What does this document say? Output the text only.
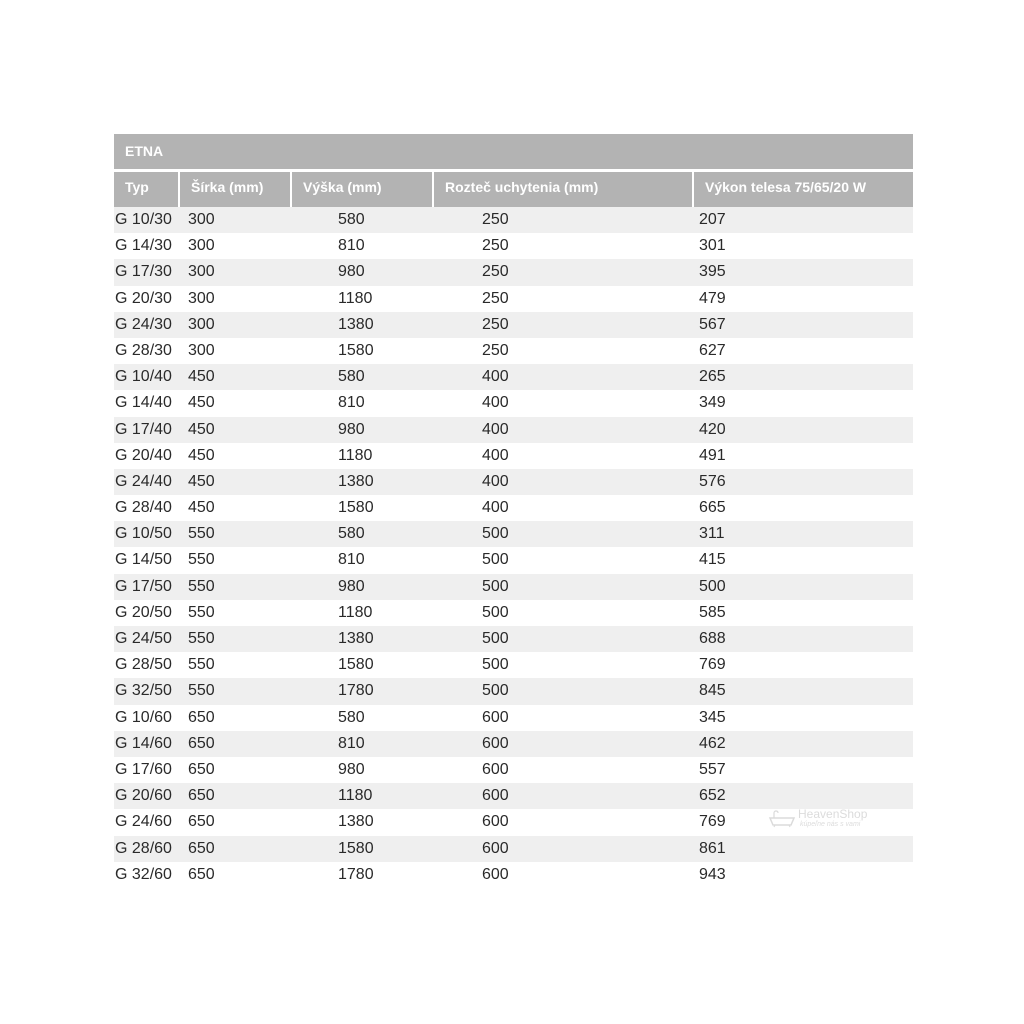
ETNA
Typ	Šírka (mm)	Výška (mm)	Rozteč uchytenia (mm)	Výkon telesa 75/65/20 W
G 10/30 300	580	250	207
G 14/30 300	810	250	301
G 17/30 300	980	250	395
G 20/30 300	1180	250	479
G 24/30 300	1380	250	567
G 28/30 300	1580	250	627
G 10/40 450	580	400	265
G 14/40 450	810	400	349
G 17/40 450	980	400	420
G 20/40 450	1180	400	491
G 24/40 450	1380	400	576
G 28/40 450	1580	400	665
G 10/50 550	580	500	311
G 14/50 550	810	500	415
G 17/50 550	980	500	500
G 20/50 550	1180	500	585
G 24/50 550	1380	500	688
G 28/50 550	1580	500	769
G 32/50 550	1780	500	845
G 10/60 650	580	600	345
G 14/60 650	810	600	462
G 17/60 650	980	600	557
G 20/60 650	1180	600	652
G 24/60 650	1380	600	769
G 28/60 650	1580	600	861
G 32/60 650	1780	600	943
HeavenShop
kúpeľne nás s vami
